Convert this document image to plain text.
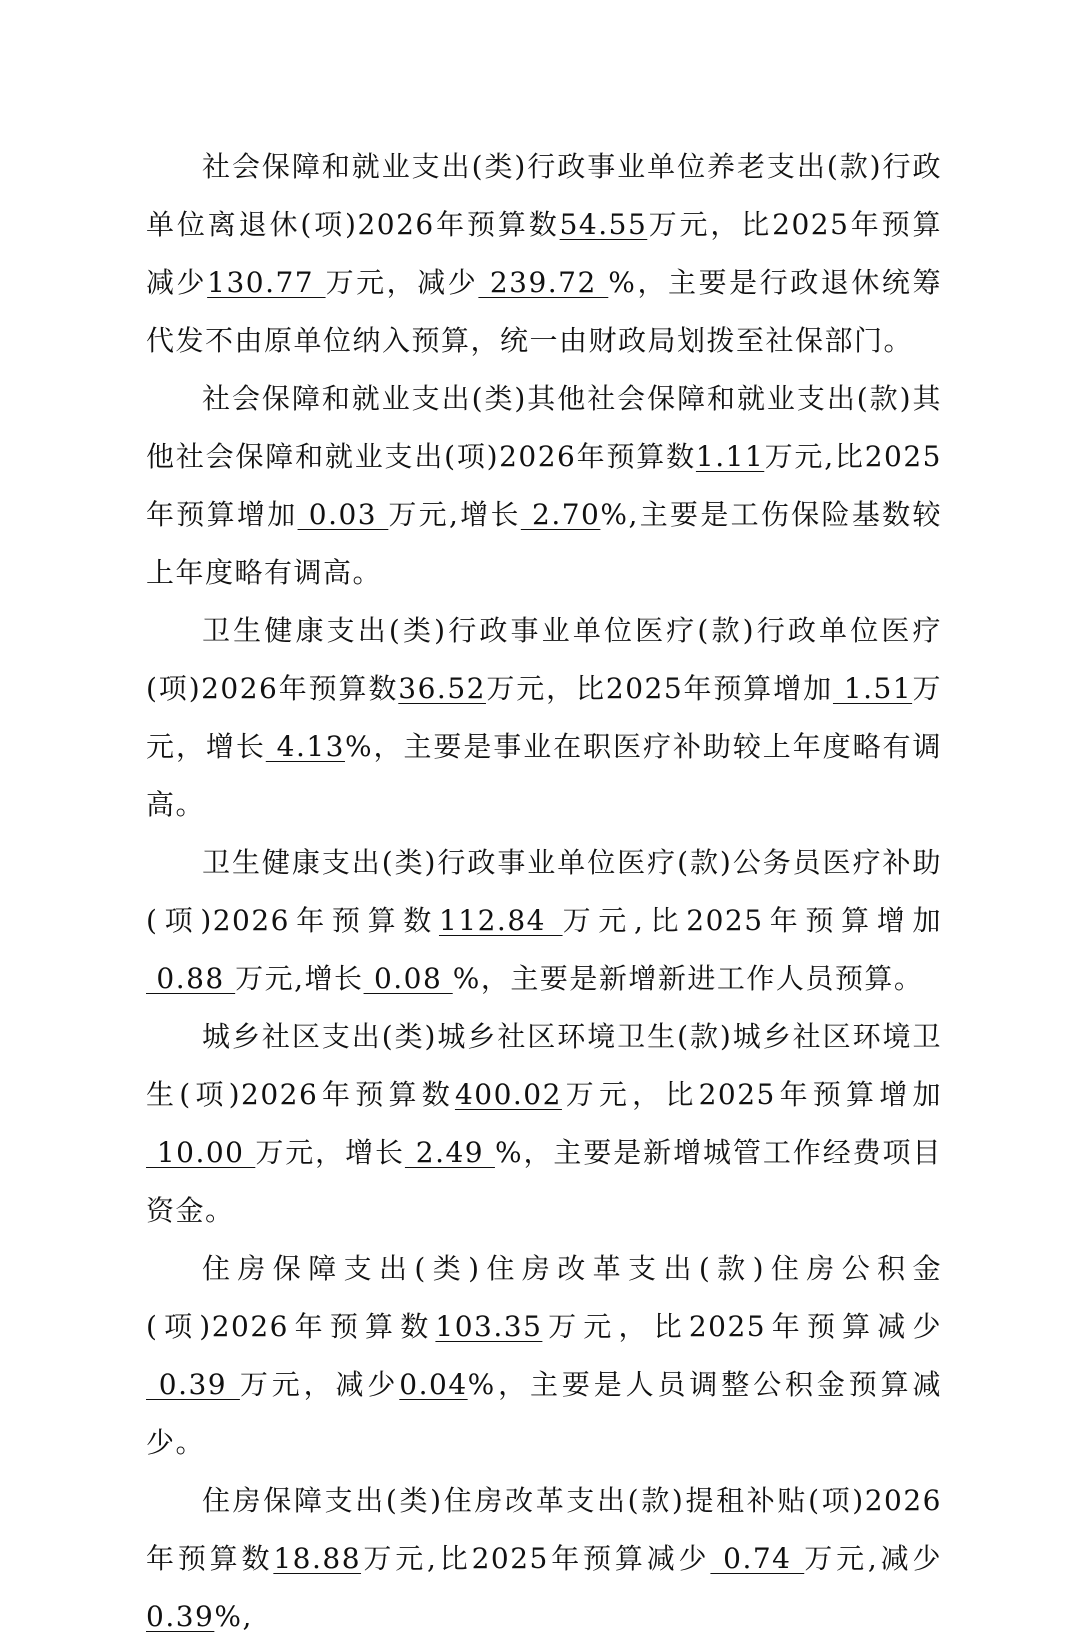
社会保障和就业支出(类)行政事业单位养老支出(款)行政单位离退休(项)2026年预算数54.55万元，比2025年预算减少130.77 万元，减少 239.72 %，主要是行政退休统筹代发不由原单位纳入预算，统一由财政局划拨至社保部门。

社会保障和就业支出(类)其他社会保障和就业支出(款)其他社会保障和就业支出(项)2026年预算数1.11万元,比2025年预算增加 0.03 万元,增长 2.70%,主要是工伤保险基数较上年度略有调高。

卫生健康支出(类)行政事业单位医疗(款)行政单位医疗(项)2026年预算数36.52万元，比2025年预算增加 1.51万元，增长 4.13%，主要是事业在职医疗补助较上年度略有调高。

卫生健康支出(类)行政事业单位医疗(款)公务员医疗补助(项)2026年预算数112.84 万元,比2025年预算增加 0.88 万元,增长 0.08 %，主要是新增新进工作人员预算。

城乡社区支出(类)城乡社区环境卫生(款)城乡社区环境卫生(项)2026年预算数400.02万元，比2025年预算增加 10.00 万元，增长 2.49 %，主要是新增城管工作经费项目资金。

住房保障支出(类)住房改革支出(款)住房公积金(项)2026年预算数103.35万元，比2025年预算减少 0.39 万元，减少0.04%，主要是人员调整公积金预算减少。

住房保障支出(类)住房改革支出(款)提租补贴(项)2026年预算数18.88万元,比2025年预算减少 0.74 万元,减少0.39%,
